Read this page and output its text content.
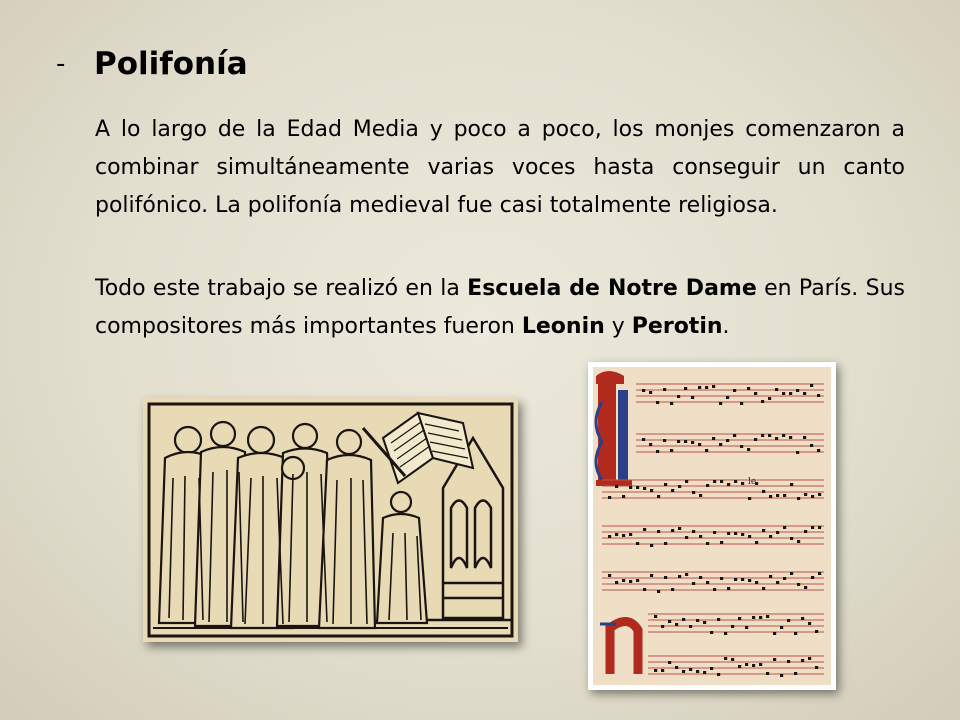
- Polifonía

A lo largo de la Edad Media y poco a poco, los monjes comenzaron a combinar simultáneamente varias voces hasta conseguir un canto polifónico. La polifonía medieval fue casi totalmente religiosa.

Todo este trabajo se realizó en la Escuela de Notre Dame en París. Sus compositores más importantes fueron Leonin y Perotin.

le
